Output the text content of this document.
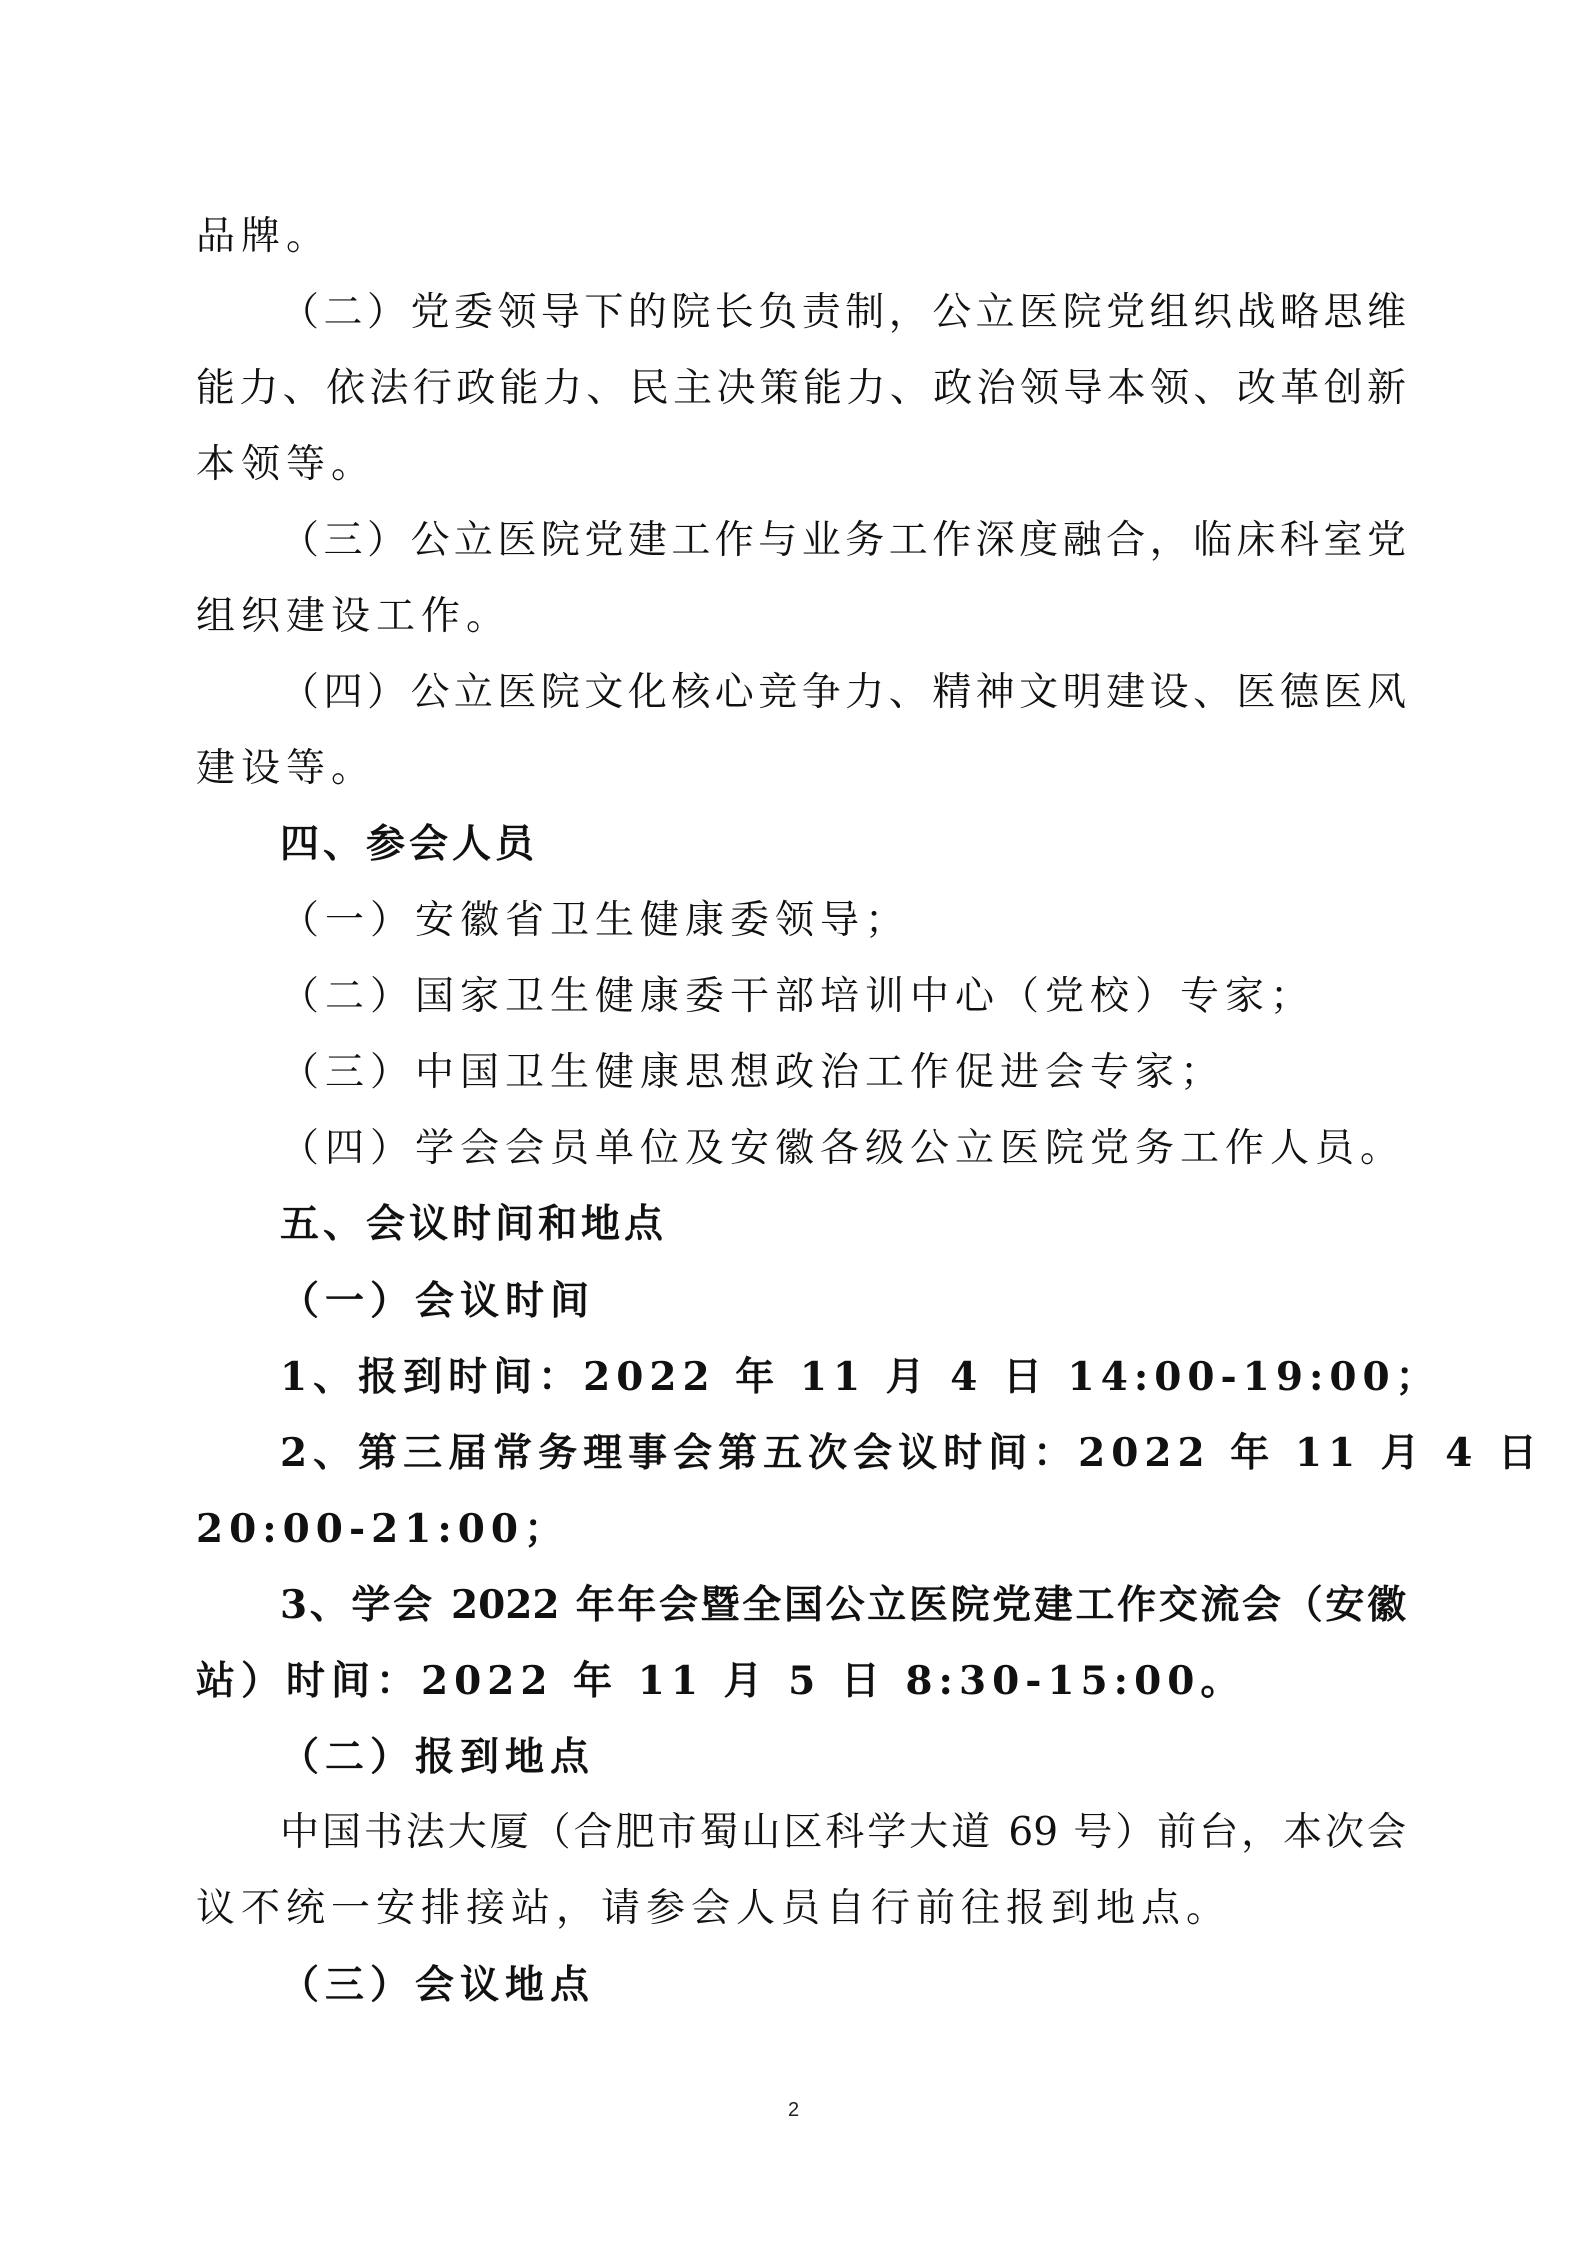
品牌。
（二）党委领导下的院长负责制，公立医院党组织战略思维
能力、依法行政能力、民主决策能力、政治领导本领、改革创新
本领等。
（三）公立医院党建工作与业务工作深度融合，临床科室党
组织建设工作。
（四）公立医院文化核心竞争力、精神文明建设、医德医风
建设等。
四、参会人员
（一）安徽省卫生健康委领导；
（二）国家卫生健康委干部培训中心（党校）专家；
（三）中国卫生健康思想政治工作促进会专家；
（四）学会会员单位及安徽各级公立医院党务工作人员。
五、会议时间和地点
（一）会议时间
1、报到时间：2022 年 11 月 4 日 14:00-19:00；
2、第三届常务理事会第五次会议时间：2022 年 11 月 4 日
20:00-21:00；
3、学会 2022 年年会暨全国公立医院党建工作交流会（安徽
站）时间：2022 年 11 月 5 日 8:30-15:00。
（二）报到地点
中国书法大厦（合肥市蜀山区科学大道 69 号）前台，本次会
议不统一安排接站，请参会人员自行前往报到地点。
（三）会议地点
2
